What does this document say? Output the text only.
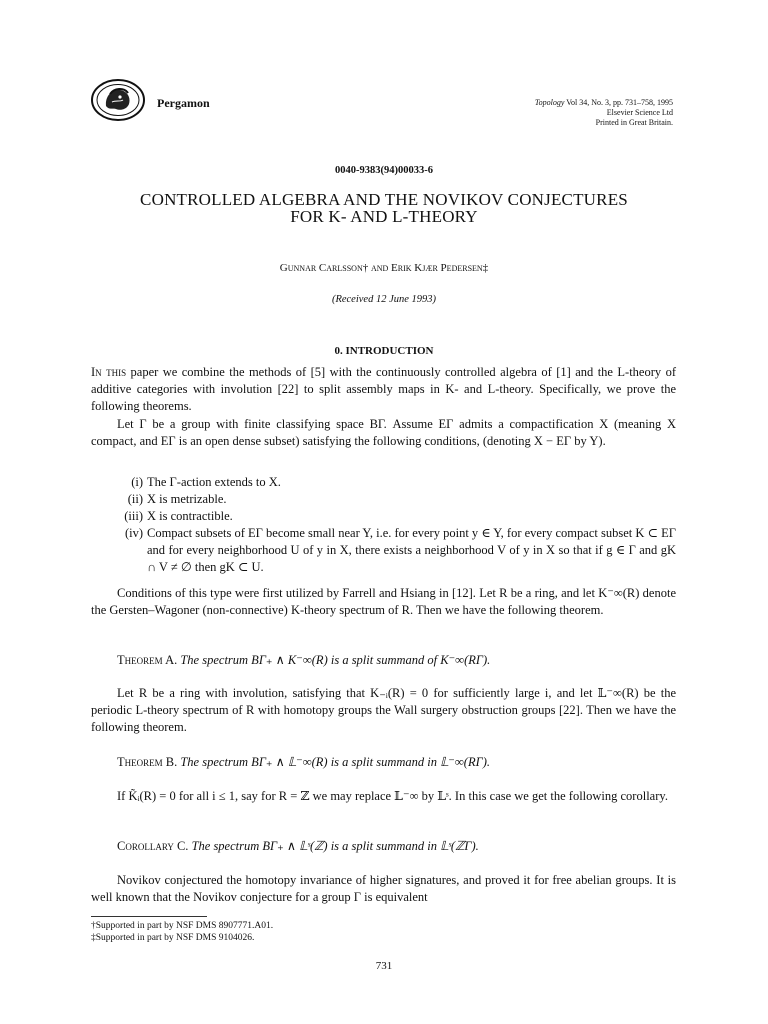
Pergamon	Topology Vol 34, No. 3, pp. 731–758, 1995
Elsevier Science Ltd
Printed in Great Britain.
0040-9383(94)00033-6
CONTROLLED ALGEBRA AND THE NOVIKOV CONJECTURES
FOR K- AND L-THEORY
Gunnar Carlsson† and Erik Kjær Pedersen‡
(Received 12 June 1993)
0. INTRODUCTION

In this paper we combine the methods of [5] with the continuously controlled algebra of [1] and the L-theory of additive categories with involution [22] to split assembly maps in K- and L-theory. Specifically, we prove the following theorems.

Let Γ be a group with finite classifying space BΓ. Assume EΓ admits a compactification X (meaning X compact, and EΓ is an open dense subset) satisfying the following conditions, (denoting X − EΓ by Y).

(i) The Γ-action extends to X.
(ii) X is metrizable.
(iii) X is contractible.
(iv) Compact subsets of EΓ become small near Y, i.e. for every point y ∈ Y, for every compact subset K ⊂ EΓ and for every neighborhood U of y in X, there exists a neighborhood V of y in X so that if g ∈ Γ and gK ∩ V ≠ ∅ then gK ⊂ U.

Conditions of this type were first utilized by Farrell and Hsiang in [12]. Let R be a ring, and let K⁻∞(R) denote the Gersten–Wagoner (non-connective) K-theory spectrum of R. Then we have the following theorem.

Theorem A. The spectrum BΓ₊ ∧ K⁻∞(R) is a split summand of K⁻∞(RΓ).

Let R be a ring with involution, satisfying that K₋ᵢ(R) = 0 for sufficiently large i, and let 𝕃⁻∞(R) be the periodic L-theory spectrum of R with homotopy groups the Wall surgery obstruction groups [22]. Then we have the following theorem.

Theorem B. The spectrum BΓ₊ ∧ 𝕃⁻∞(R) is a split summand in 𝕃⁻∞(RΓ).

If K̃ᵢ(R) = 0 for all i ≤ 1, say for R = ℤ we may replace 𝕃⁻∞ by 𝕃ˢ. In this case we get the following corollary.

Corollary C. The spectrum BΓ₊ ∧ 𝕃ˢ(ℤ) is a split summand in 𝕃ˢ(ℤΓ).

Novikov conjectured the homotopy invariance of higher signatures, and proved it for free abelian groups. It is well known that the Novikov conjecture for a group Γ is equivalent

†Supported in part by NSF DMS 8907771.A01.
‡Supported in part by NSF DMS 9104026.
731
